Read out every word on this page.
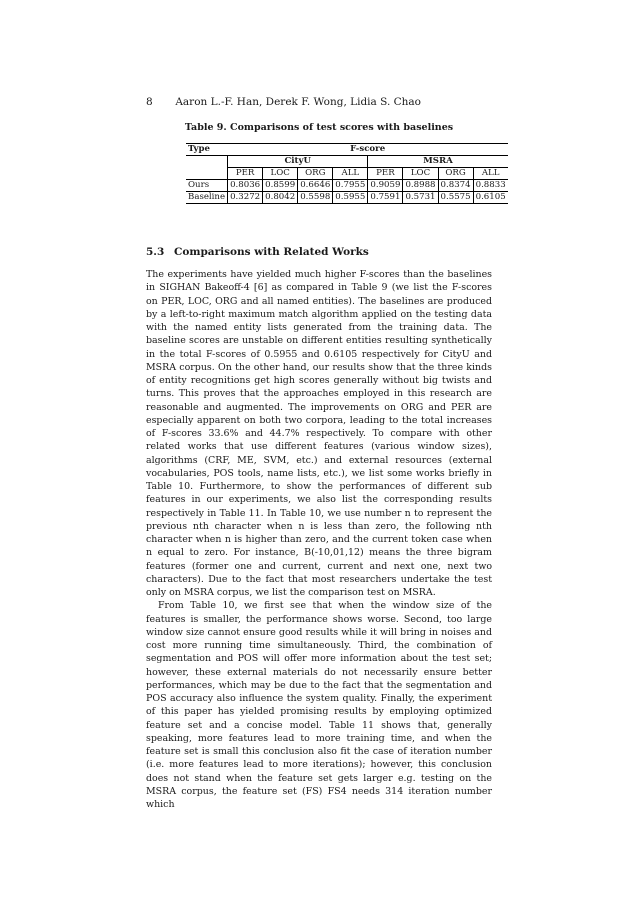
8 Aaron L.-F. Han, Derek F. Wong, Lidia S. Chao
Table 9. Comparisons of test scores with baselines
Type	F-score							
	CityU				MSRA			
	PER	LOC	ORG	ALL	PER	LOC	ORG	ALL
Ours	0.8036	0.8599	0.6646	0.7955	0.9059	0.8988	0.8374	0.8833
Baseline	0.3272	0.8042	0.5598	0.5955	0.7591	0.5731	0.5575	0.6105
5.3 Comparisons with Related Works

The experiments have yielded much higher F-scores than the baselines in SIGHAN Bakeoff-4 [6] as compared in Table 9 (we list the F-scores on PER, LOC, ORG and all named entities). The baselines are produced by a left-to-right maximum match algorithm applied on the testing data with the named entity lists generated from the training data. The baseline scores are unstable on different entities resulting synthetically in the total F-scores of 0.5955 and 0.6105 respectively for CityU and MSRA corpus. On the other hand, our results show that the three kinds of entity recognitions get high scores generally without big twists and turns. This proves that the approaches employed in this research are reasonable and augmented. The improvements on ORG and PER are especially apparent on both two corpora, leading to the total increases of F-scores 33.6% and 44.7% respectively. To compare with other related works that use different features (various window sizes), algorithms (CRF, ME, SVM, etc.) and external resources (external vocabularies, POS tools, name lists, etc.), we list some works briefly in Table 10. Furthermore, to show the performances of different sub features in our experiments, we also list the corresponding results respectively in Table 11. In Table 10, we use number n to represent the previous nth character when n is less than zero, the following nth character when n is higher than zero, and the current token case when n equal to zero. For instance, B(-10,01,12) means the three bigram features (former one and current, current and next one, next two characters). Due to the fact that most researchers undertake the test only on MSRA corpus, we list the comparison test on MSRA.

From Table 10, we first see that when the window size of the features is smaller, the performance shows worse. Second, too large window size cannot ensure good results while it will bring in noises and cost more running time simultaneously. Third, the combination of segmentation and POS will offer more information about the test set; however, these external materials do not necessarily ensure better performances, which may be due to the fact that the segmentation and POS accuracy also influence the system quality. Finally, the experiment of this paper has yielded promising results by employing optimized feature set and a concise model. Table 11 shows that, generally speaking, more features lead to more training time, and when the feature set is small this conclusion also fit the case of iteration number (i.e. more features lead to more iterations); however, this conclusion does not stand when the feature set gets larger e.g. testing on the MSRA corpus, the feature set (FS) FS4 needs 314 iteration number which
